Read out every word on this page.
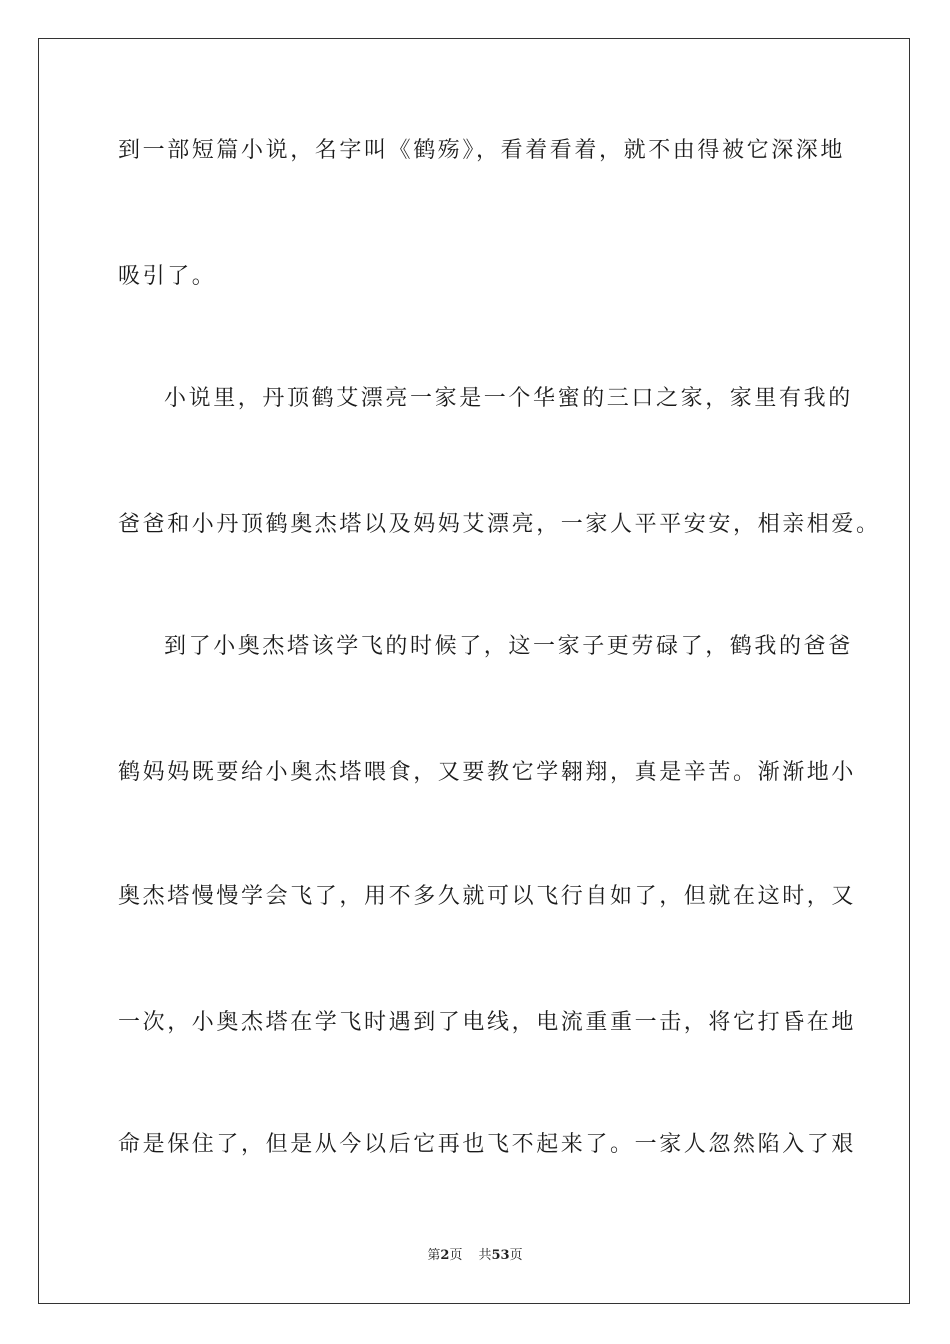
到一部短篇小说，名字叫《鹤殇》，看着看着，就不由得被它深深地
吸引了。
小说里，丹顶鹤艾漂亮一家是一个华蜜的三口之家，家里有我的
爸爸和小丹顶鹤奥杰塔以及妈妈艾漂亮，一家人平平安安，相亲相爱。
到了小奥杰塔该学飞的时候了，这一家子更劳碌了，鹤我的爸爸
鹤妈妈既要给小奥杰塔喂食，又要教它学翱翔，真是辛苦。渐渐地小
奥杰塔慢慢学会飞了，用不多久就可以飞行自如了，但就在这时，又
一次，小奥杰塔在学飞时遇到了电线，电流重重一击，将它打昏在地
命是保住了，但是从今以后它再也飞不起来了。一家人忽然陷入了艰
第2页 共53页
